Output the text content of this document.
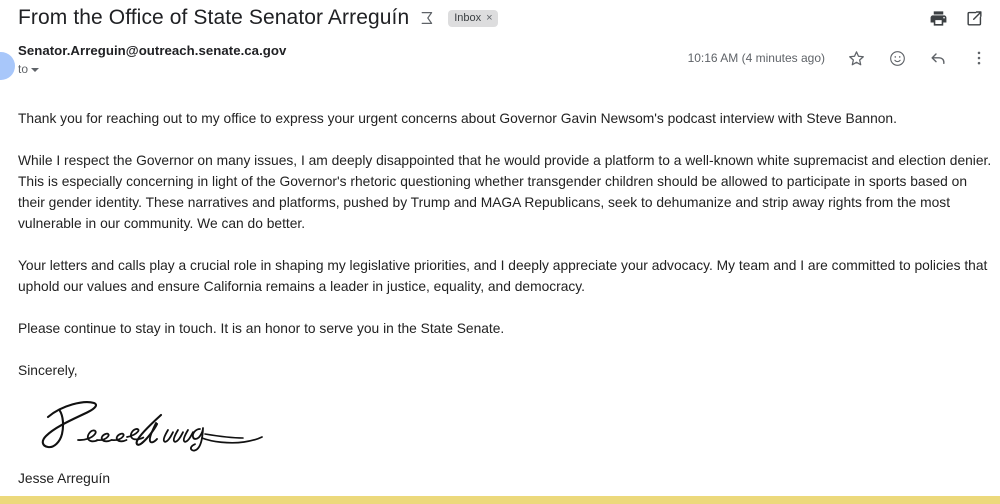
From the Office of State Senator Arreguín	Inbox ×
Senator.Arreguin@outreach.senate.ca.gov
to
10:16 AM (4 minutes ago)

Thank you for reaching out to my office to express your urgent concerns about Governor Gavin Newsom's podcast interview with Steve Bannon.

While I respect the Governor on many issues, I am deeply disappointed that he would provide a platform to a well-known white supremacist and election denier. This is especially concerning in light of the Governor's rhetoric questioning whether transgender children should be allowed to participate in sports based on their gender identity. These narratives and platforms, pushed by Trump and MAGA Republicans, seek to dehumanize and strip away rights from the most vulnerable in our community. We can do better.

Your letters and calls play a crucial role in shaping my legislative priorities, and I deeply appreciate your advocacy. My team and I are committed to policies that uphold our values and ensure California remains a leader in justice, equality, and democracy.

Please continue to stay in touch. It is an honor to serve you in the State Senate.

Sincerely,

Jesse Arreguín
